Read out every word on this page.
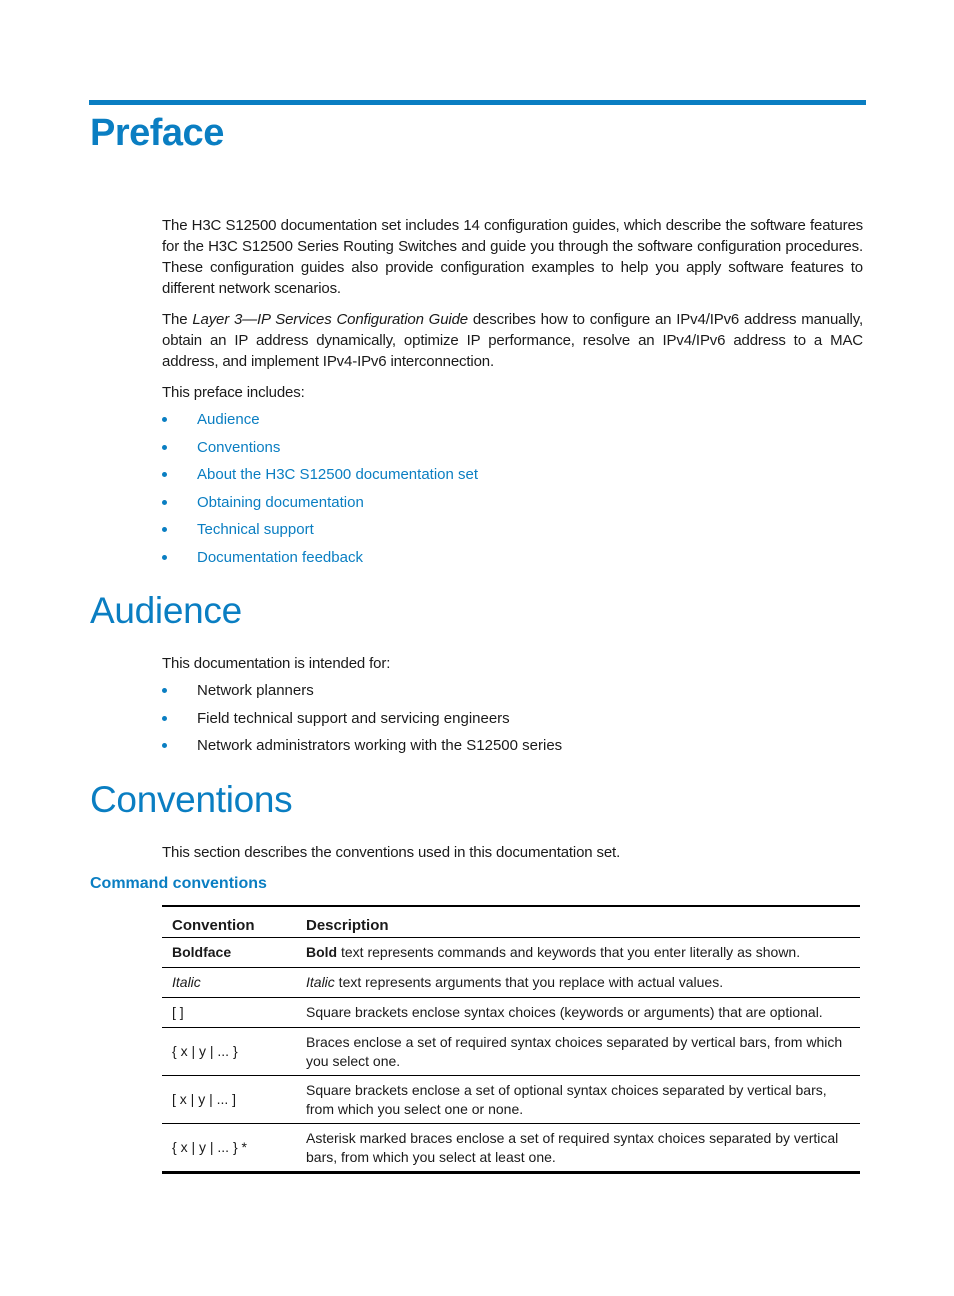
Preface

The H3C S12500 documentation set includes 14 configuration guides, which describe the software features for the H3C S12500 Series Routing Switches and guide you through the software configuration procedures. These configuration guides also provide configuration examples to help you apply software features to different network scenarios.

The Layer 3—IP Services Configuration Guide describes how to configure an IPv4/IPv6 address manually, obtain an IP address dynamically, optimize IP performance, resolve an IPv4/IPv6 address to a MAC address, and implement IPv4-IPv6 interconnection.

This preface includes:

Audience
Conventions
About the H3C S12500 documentation set
Obtaining documentation
Technical support
Documentation feedback
Audience

This documentation is intended for:

Network planners
Field technical support and servicing engineers
Network administrators working with the S12500 series
Conventions

This section describes the conventions used in this documentation set.

Command conventions
Convention	Description
Boldface	Bold text represents commands and keywords that you enter literally as shown.
Italic	Italic text represents arguments that you replace with actual values.
[ ]	Square brackets enclose syntax choices (keywords or arguments) that are optional.
{ x | y | ... }	Braces enclose a set of required syntax choices separated by vertical bars, from which you select one.
[ x | y | ... ]	Square brackets enclose a set of optional syntax choices separated by vertical bars, from which you select one or none.
{ x | y | ... } *	Asterisk marked braces enclose a set of required syntax choices separated by vertical bars, from which you select at least one.
